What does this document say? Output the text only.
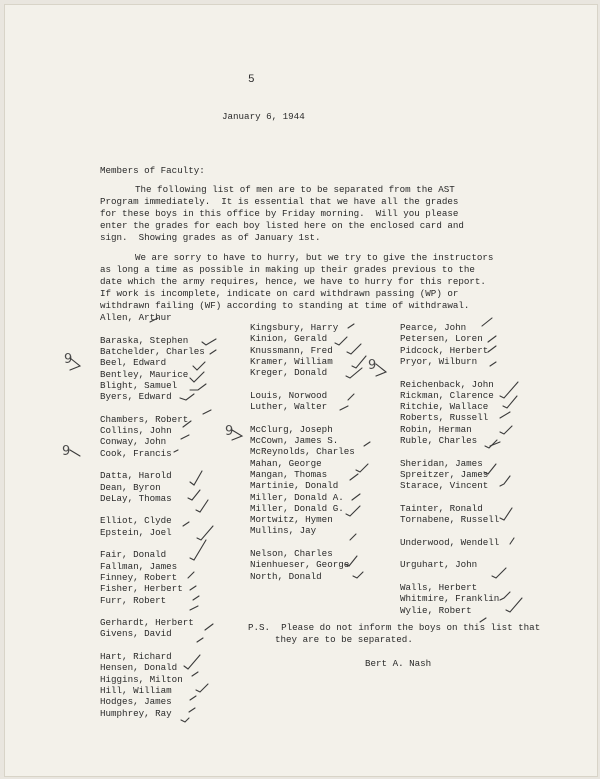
5
January 6, 1944
Members of Faculty:
The following list of men are to be separated from the AST
Program immediately.  It is essential that we have all the grades
for these boys in this office by Friday morning.  Will you please
enter the grades for each boy listed here on the enclosed card and
sign.  Showing grades as of January 1st.
We are sorry to have to hurry, but we try to give the instructors
as long a time as possible in making up their grades previous to the
date which the army requires, hence, we have to hurry for this report.
If work is incomplete, indicate on card withdrawn passing (WP) or
withdrawn failing (WF) according to standing at time of withdrawal.
Allen, Arthur
Baraska, Stephen
Batchelder, Charles
Beel, Edward
Bentley, Maurice
Blight, Samuel
Byers, Edward
Chambers, Robert
Collins, John
Conway, John
Cook, Francis
Datta, Harold
Dean, Byron
DeLay, Thomas
Elliot, Clyde
Epstein, Joel
Fair, Donald
Fallman, James
Finney, Robert
Fisher, Herbert
Furr, Robert
Gerhardt, Herbert
Givens, David
Hart, Richard
Hensen, Donald
Higgins, Milton
Hill, William
Hodges, James
Humphrey, Ray
Kingsbury, Harry
Kinion, Gerald
Knussmann, Fred
Kramer, William
Kreger, Donald
Louis, Norwood
Luther, Walter
McClurg, Joseph
McCown, James S.
McReynolds, Charles
Mahan, George
Mangan, Thomas
Martinie, Donald
Miller, Donald A.
Miller, Donald G.
Mortwitz, Hymen
Mullins, Jay
Nelson, Charles
Nienhueser, George
North, Donald
Pearce, John
Petersen, Loren
Pidcock, Herbert
Pryor, Wilburn
Reichenback, John
Rickman, Clarence
Ritchie, Wallace
Roberts, Russell
Robin, Herman
Ruble, Charles
Sheridan, James
Spreitzer, James
Starace, Vincent
Tainter, Ronald
Tornabene, Russell
Underwood, Wendell
Urguhart, John
Walls, Herbert
Whitmire, Franklin
Wylie, Robert
P.S.  Please do not inform the boys on this list that
they are to be separated.
Bert A. Nash
9	9
9
9
